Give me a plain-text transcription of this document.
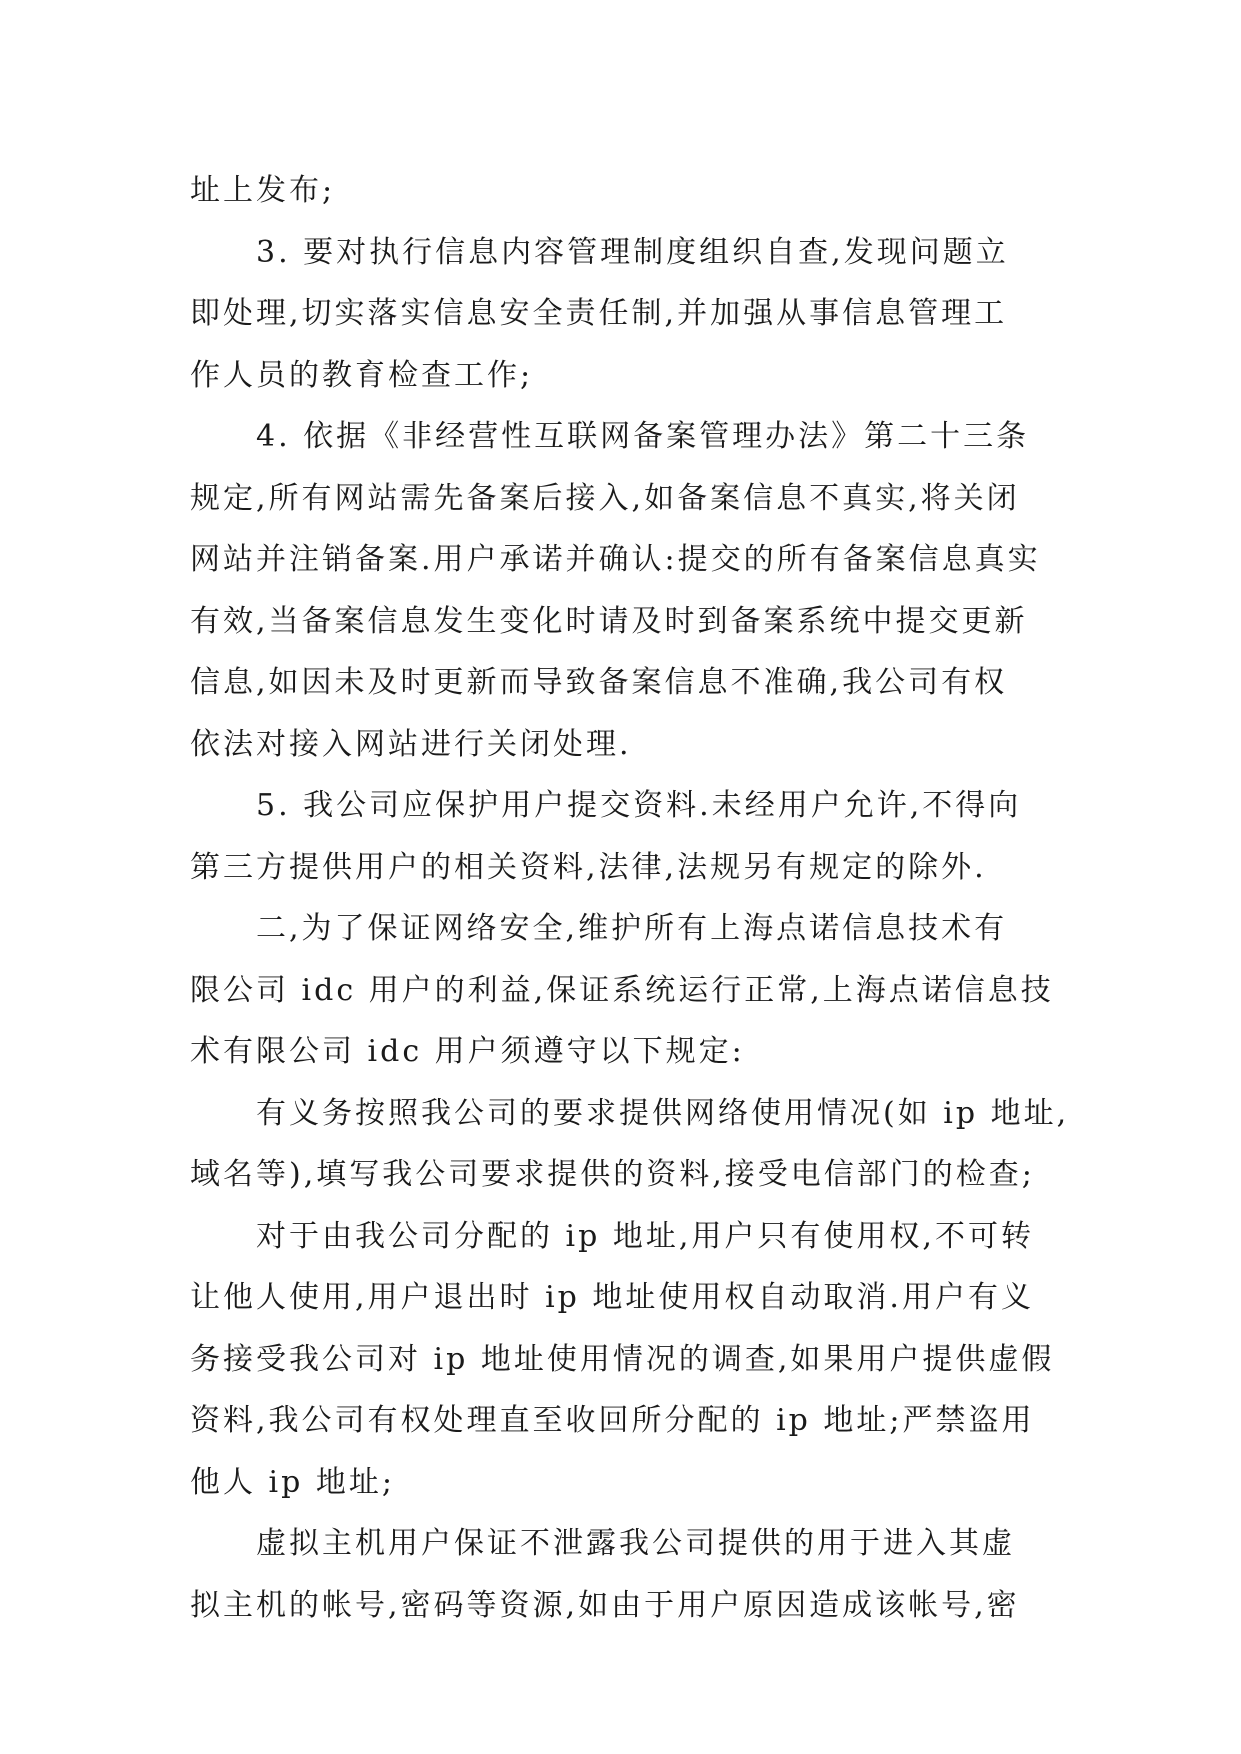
址上发布;
3. 要对执行信息内容管理制度组织自查,发现问题立
即处理,切实落实信息安全责任制,并加强从事信息管理工
作人员的教育检查工作;
4. 依据《非经营性互联网备案管理办法》第二十三条
规定,所有网站需先备案后接入,如备案信息不真实,将关闭
网站并注销备案.用户承诺并确认:提交的所有备案信息真实
有效,当备案信息发生变化时请及时到备案系统中提交更新
信息,如因未及时更新而导致备案信息不准确,我公司有权
依法对接入网站进行关闭处理.
5. 我公司应保护用户提交资料.未经用户允许,不得向
第三方提供用户的相关资料,法律,法规另有规定的除外.
二,为了保证网络安全,维护所有上海点诺信息技术有
限公司 idc 用户的利益,保证系统运行正常,上海点诺信息技
术有限公司 idc 用户须遵守以下规定:
有义务按照我公司的要求提供网络使用情况(如 ip 地址,
域名等),填写我公司要求提供的资料,接受电信部门的检查;
对于由我公司分配的 ip 地址,用户只有使用权,不可转
让他人使用,用户退出时 ip 地址使用权自动取消.用户有义
务接受我公司对 ip 地址使用情况的调查,如果用户提供虚假
资料,我公司有权处理直至收回所分配的 ip 地址;严禁盗用
他人 ip 地址;
虚拟主机用户保证不泄露我公司提供的用于进入其虚
拟主机的帐号,密码等资源,如由于用户原因造成该帐号,密
